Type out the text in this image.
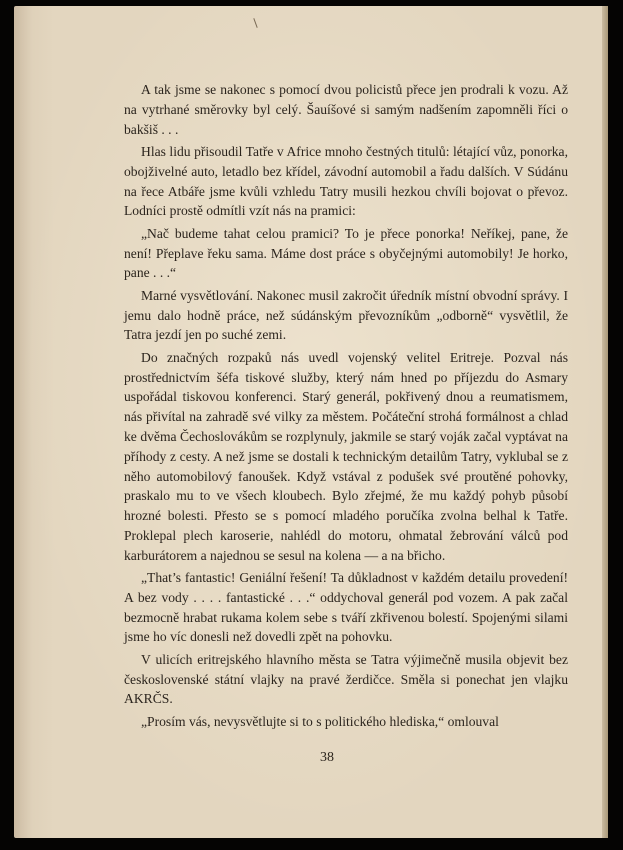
A tak jsme se nakonec s pomocí dvou policistů přece jen prodrali k vozu. Až na vytrhané směrovky byl celý. Šauíšové si samým nadšením zapomněli říci o bakšiš . . .

Hlas lidu přisoudil Tatře v Africe mnoho čestných titulů: létající vůz, ponorka, obojživelné auto, letadlo bez křídel, závodní automobil a řadu dalších. V Súdánu na řece Atbáře jsme kvůli vzhledu Tatry musili hezkou chvíli bojovat o převoz. Lodníci prostě odmítli vzít nás na pramici:

„Nač budeme tahat celou pramici? To je přece ponorka! Neříkej, pane, že není! Přeplave řeku sama. Máme dost práce s obyčejnými automobily! Je horko, pane . . .“

Marné vysvětlování. Nakonec musil zakročit úředník místní obvodní správy. I jemu dalo hodně práce, než súdánským převozníkům „odborně“ vysvětlil, že Tatra jezdí jen po suché zemi.

Do značných rozpaků nás uvedl vojenský velitel Eritreje. Pozval nás prostřednictvím šéfa tiskové služby, který nám hned po příjezdu do Asmary uspořádal tiskovou konferenci. Starý generál, pokřivený dnou a reumatismem, nás přivítal na zahradě své vilky za městem. Počáteční strohá formálnost a chlad ke dvěma Čechoslovákům se rozplynuly, jakmile se starý voják začal vyptávat na příhody z cesty. A než jsme se dostali k technickým detailům Tatry, vyklubal se z něho automobilový fanoušek. Když vstával z podušek své proutěné pohovky, praskalo mu to ve všech kloubech. Bylo zřejmé, že mu každý pohyb působí hrozné bolesti. Přesto se s pomocí mladého poručíka zvolna belhal k Tatře. Proklepal plech karoserie, nahlédl do motoru, ohmatal žebrování válců pod karburátorem a najednou se sesul na kolena — a na břicho.

„That’s fantastic! Geniální řešení! Ta důkladnost v každém detailu provedení! A bez vody . . . . fantastické . . .“ oddychoval generál pod vozem. A pak začal bezmocně hrabat rukama kolem sebe s tváří zkřivenou bolestí. Spojenými silami jsme ho víc donesli než dovedli zpět na pohovku.

V ulicích eritrejského hlavního města se Tatra výjimečně musila objevit bez československé státní vlajky na pravé žerdičce. Směla si ponechat jen vlajku AKRČS.

„Prosím vás, nevysvětlujte si to s politického hlediska,“ omlouval

38
